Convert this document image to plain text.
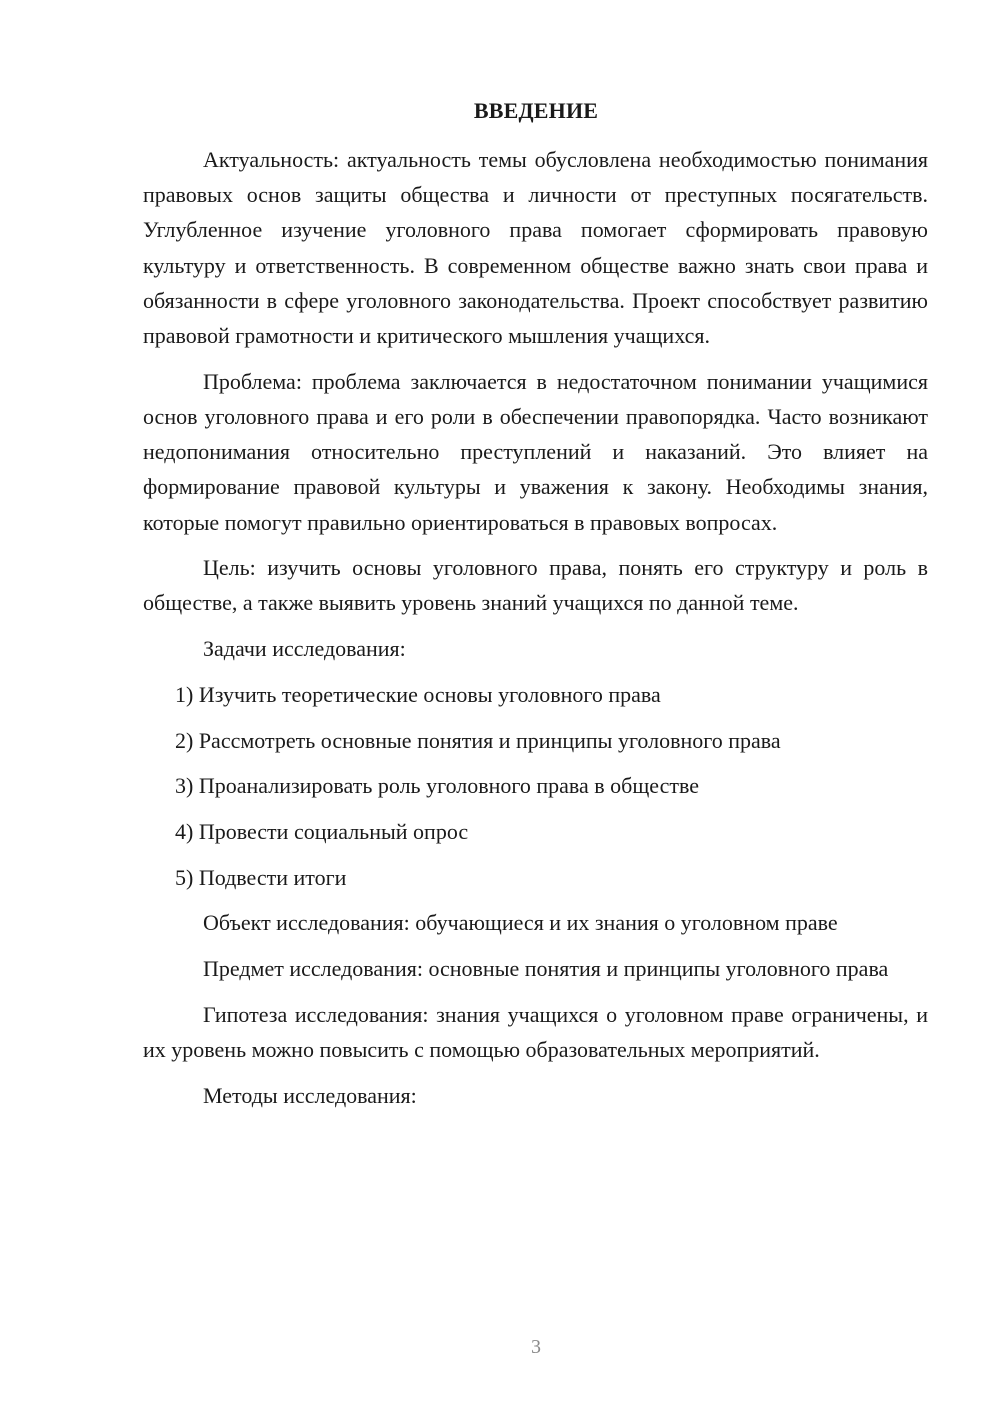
ВВЕДЕНИЕ

Актуальность: актуальность темы обусловлена необходимостью понимания правовых основ защиты общества и личности от преступных посягательств. Углубленное изучение уголовного права помогает сформировать правовую культуру и ответственность. В современном обществе важно знать свои права и обязанности в сфере уголовного законодательства. Проект способствует развитию правовой грамотности и критического мышления учащихся.

Проблема: проблема заключается в недостаточном понимании учащимися основ уголовного права и его роли в обеспечении правопорядка. Часто возникают недопонимания относительно преступлений и наказаний. Это влияет на формирование правовой культуры и уважения к закону. Необходимы знания, которые помогут правильно ориентироваться в правовых вопросах.

Цель: изучить основы уголовного права, понять его структуру и роль в обществе, а также выявить уровень знаний учащихся по данной теме.

Задачи исследования:

1) Изучить теоретические основы уголовного права

2) Рассмотреть основные понятия и принципы уголовного права

3) Проанализировать роль уголовного права в обществе

4) Провести социальный опрос

5) Подвести итоги

Объект исследования: обучающиеся и их знания о уголовном праве

Предмет исследования: основные понятия и принципы уголовного права

Гипотеза исследования: знания учащихся о уголовном праве ограничены, и их уровень можно повысить с помощью образовательных мероприятий.

Методы исследования:

3
